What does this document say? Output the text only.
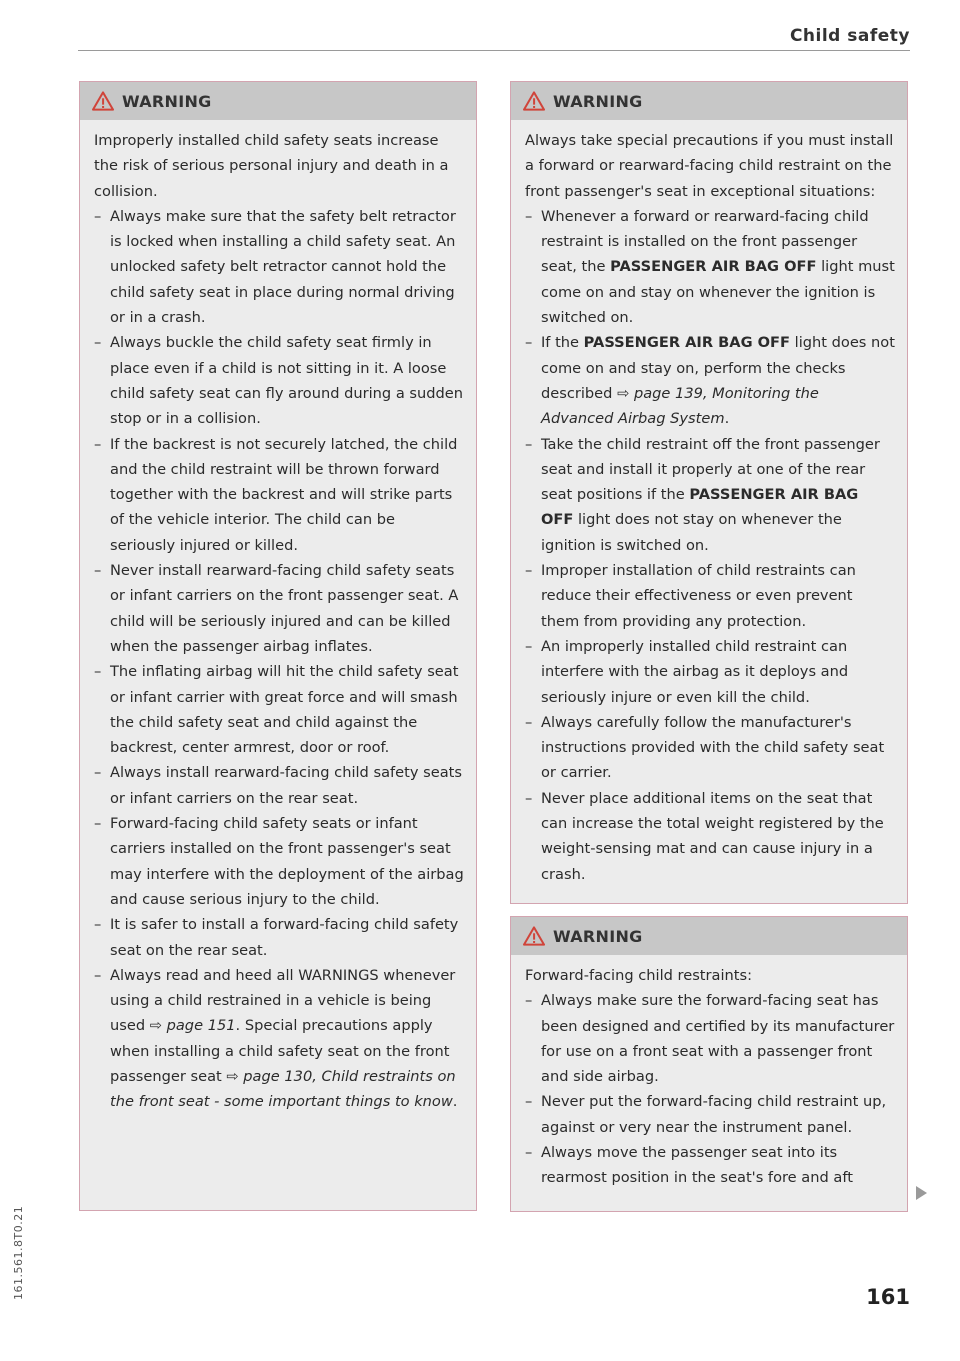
Child safety
161.561.8T0.21
WARNING

Improperly installed child safety seats increase the risk of serious personal injury and death in a collision.

– Always make sure that the safety belt retractor is locked when installing a child safety seat. An unlocked safety belt retractor cannot hold the child safety seat in place during normal driving or in a crash.
– Always buckle the child safety seat firmly in place even if a child is not sitting in it. A loose child safety seat can fly around during a sudden stop or in a collision.
– If the backrest is not securely latched, the child and the child restraint will be thrown forward together with the backrest and will strike parts of the vehicle interior. The child can be seriously injured or killed.
– Never install rearward-facing child safety seats or infant carriers on the front passenger seat. A child will be seriously injured and can be killed when the passenger airbag inflates.
– The inflating airbag will hit the child safety seat or infant carrier with great force and will smash the child safety seat and child against the backrest, center armrest, door or roof.
– Always install rearward-facing child safety seats or infant carriers on the rear seat.
– Forward-facing child safety seats or infant carriers installed on the front passenger's seat may interfere with the deployment of the airbag and cause serious injury to the child.
– It is safer to install a forward-facing child safety seat on the rear seat.
– Always read and heed all WARNINGS whenever using a child restrained in a vehicle is being used ⇨ page 151. Special precautions apply when installing a child safety seat on the front passenger seat ⇨ page 130, Child restraints on the front seat - some important things to know.
WARNING

Always take special precautions if you must install a forward or rearward-facing child restraint on the front passenger's seat in exceptional situations:

– Whenever a forward or rearward-facing child restraint is installed on the front passenger seat, the PASSENGER AIR BAG OFF light must come on and stay on whenever the ignition is switched on.
– If the PASSENGER AIR BAG OFF light does not come on and stay on, perform the checks described ⇨ page 139, Monitoring the Advanced Airbag System.
– Take the child restraint off the front passenger seat and install it properly at one of the rear seat positions if the PASSENGER AIR BAG OFF light does not stay on whenever the ignition is switched on.
– Improper installation of child restraints can reduce their effectiveness or even prevent them from providing any protection.
– An improperly installed child restraint can interfere with the airbag as it deploys and seriously injure or even kill the child.
– Always carefully follow the manufacturer's instructions provided with the child safety seat or carrier.
– Never place additional items on the seat that can increase the total weight registered by the weight-sensing mat and can cause injury in a crash.
WARNING

Forward-facing child restraints:

– Always make sure the forward-facing seat has been designed and certified by its manufacturer for use on a front seat with a passenger front and side airbag.
– Never put the forward-facing child restraint up, against or very near the instrument panel.
– Always move the passenger seat into its rearmost position in the seat's fore and aft
161
